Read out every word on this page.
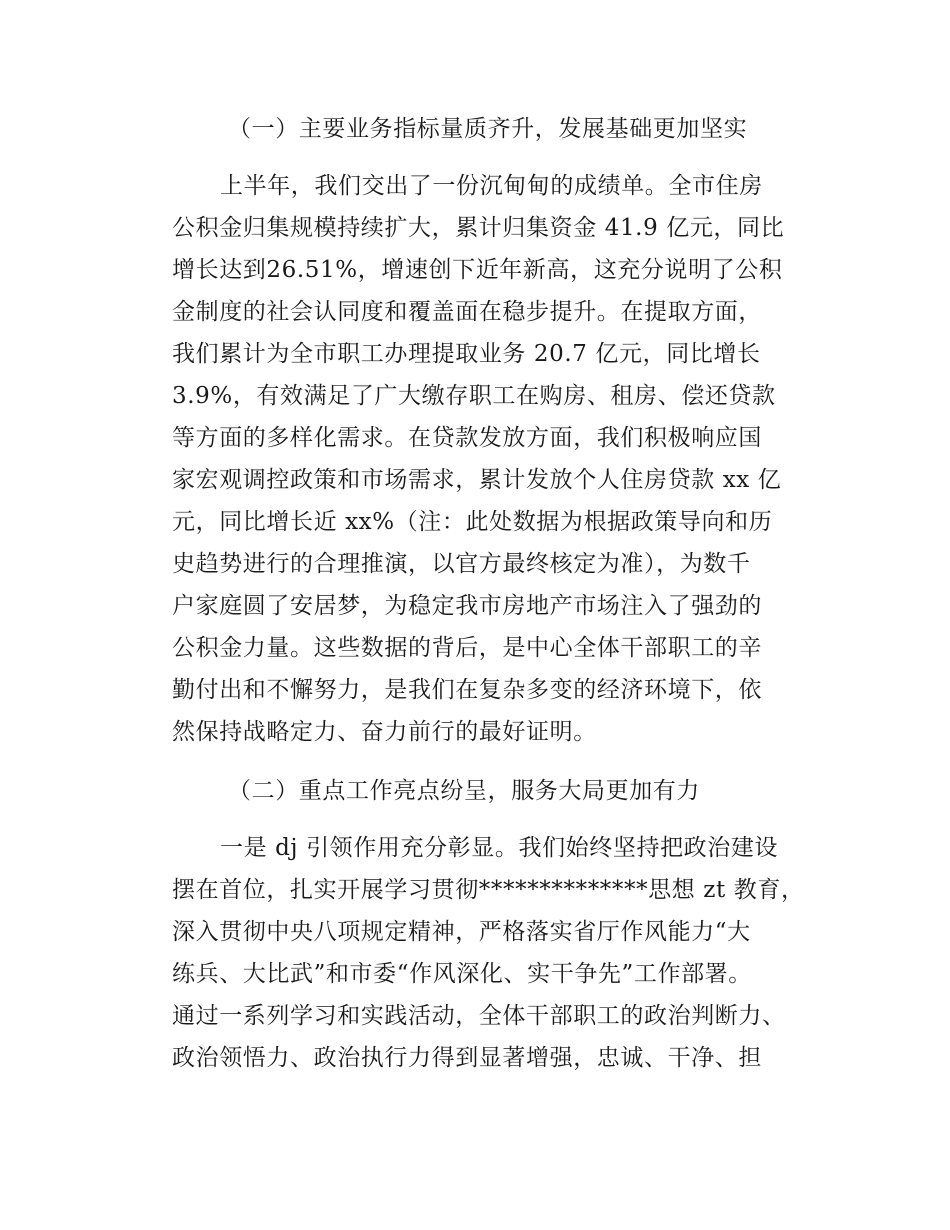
（一）主要业务指标量质齐升，发展基础更加坚实
上半年，我们交出了一份沉甸甸的成绩单。全市住房
公积金归集规模持续扩大，累计归集资金 41.9 亿元，同比
增长达到26.51%，增速创下近年新高，这充分说明了公积
金制度的社会认同度和覆盖面在稳步提升。在提取方面，
我们累计为全市职工办理提取业务 20.7 亿元，同比增长
3.9%，有效满足了广大缴存职工在购房、租房、偿还贷款
等方面的多样化需求。在贷款发放方面，我们积极响应国
家宏观调控政策和市场需求，累计发放个人住房贷款 xx 亿
元，同比增长近 xx%（注：此处数据为根据政策导向和历
史趋势进行的合理推演，以官方最终核定为准），为数千
户家庭圆了安居梦，为稳定我市房地产市场注入了强劲的
公积金力量。这些数据的背后，是中心全体干部职工的辛
勤付出和不懈努力，是我们在复杂多变的经济环境下，依
然保持战略定力、奋力前行的最好证明。
（二）重点工作亮点纷呈，服务大局更加有力
一是 dj 引领作用充分彰显。我们始终坚持把政治建设
摆在首位，扎实开展学习贯彻**************思想 zt 教育，
深入贯彻中央八项规定精神，严格落实省厅作风能力“大
练兵、大比武”和市委“作风深化、实干争先”工作部署。
通过一系列学习和实践活动，全体干部职工的政治判断力、
政治领悟力、政治执行力得到显著增强，忠诚、干净、担
